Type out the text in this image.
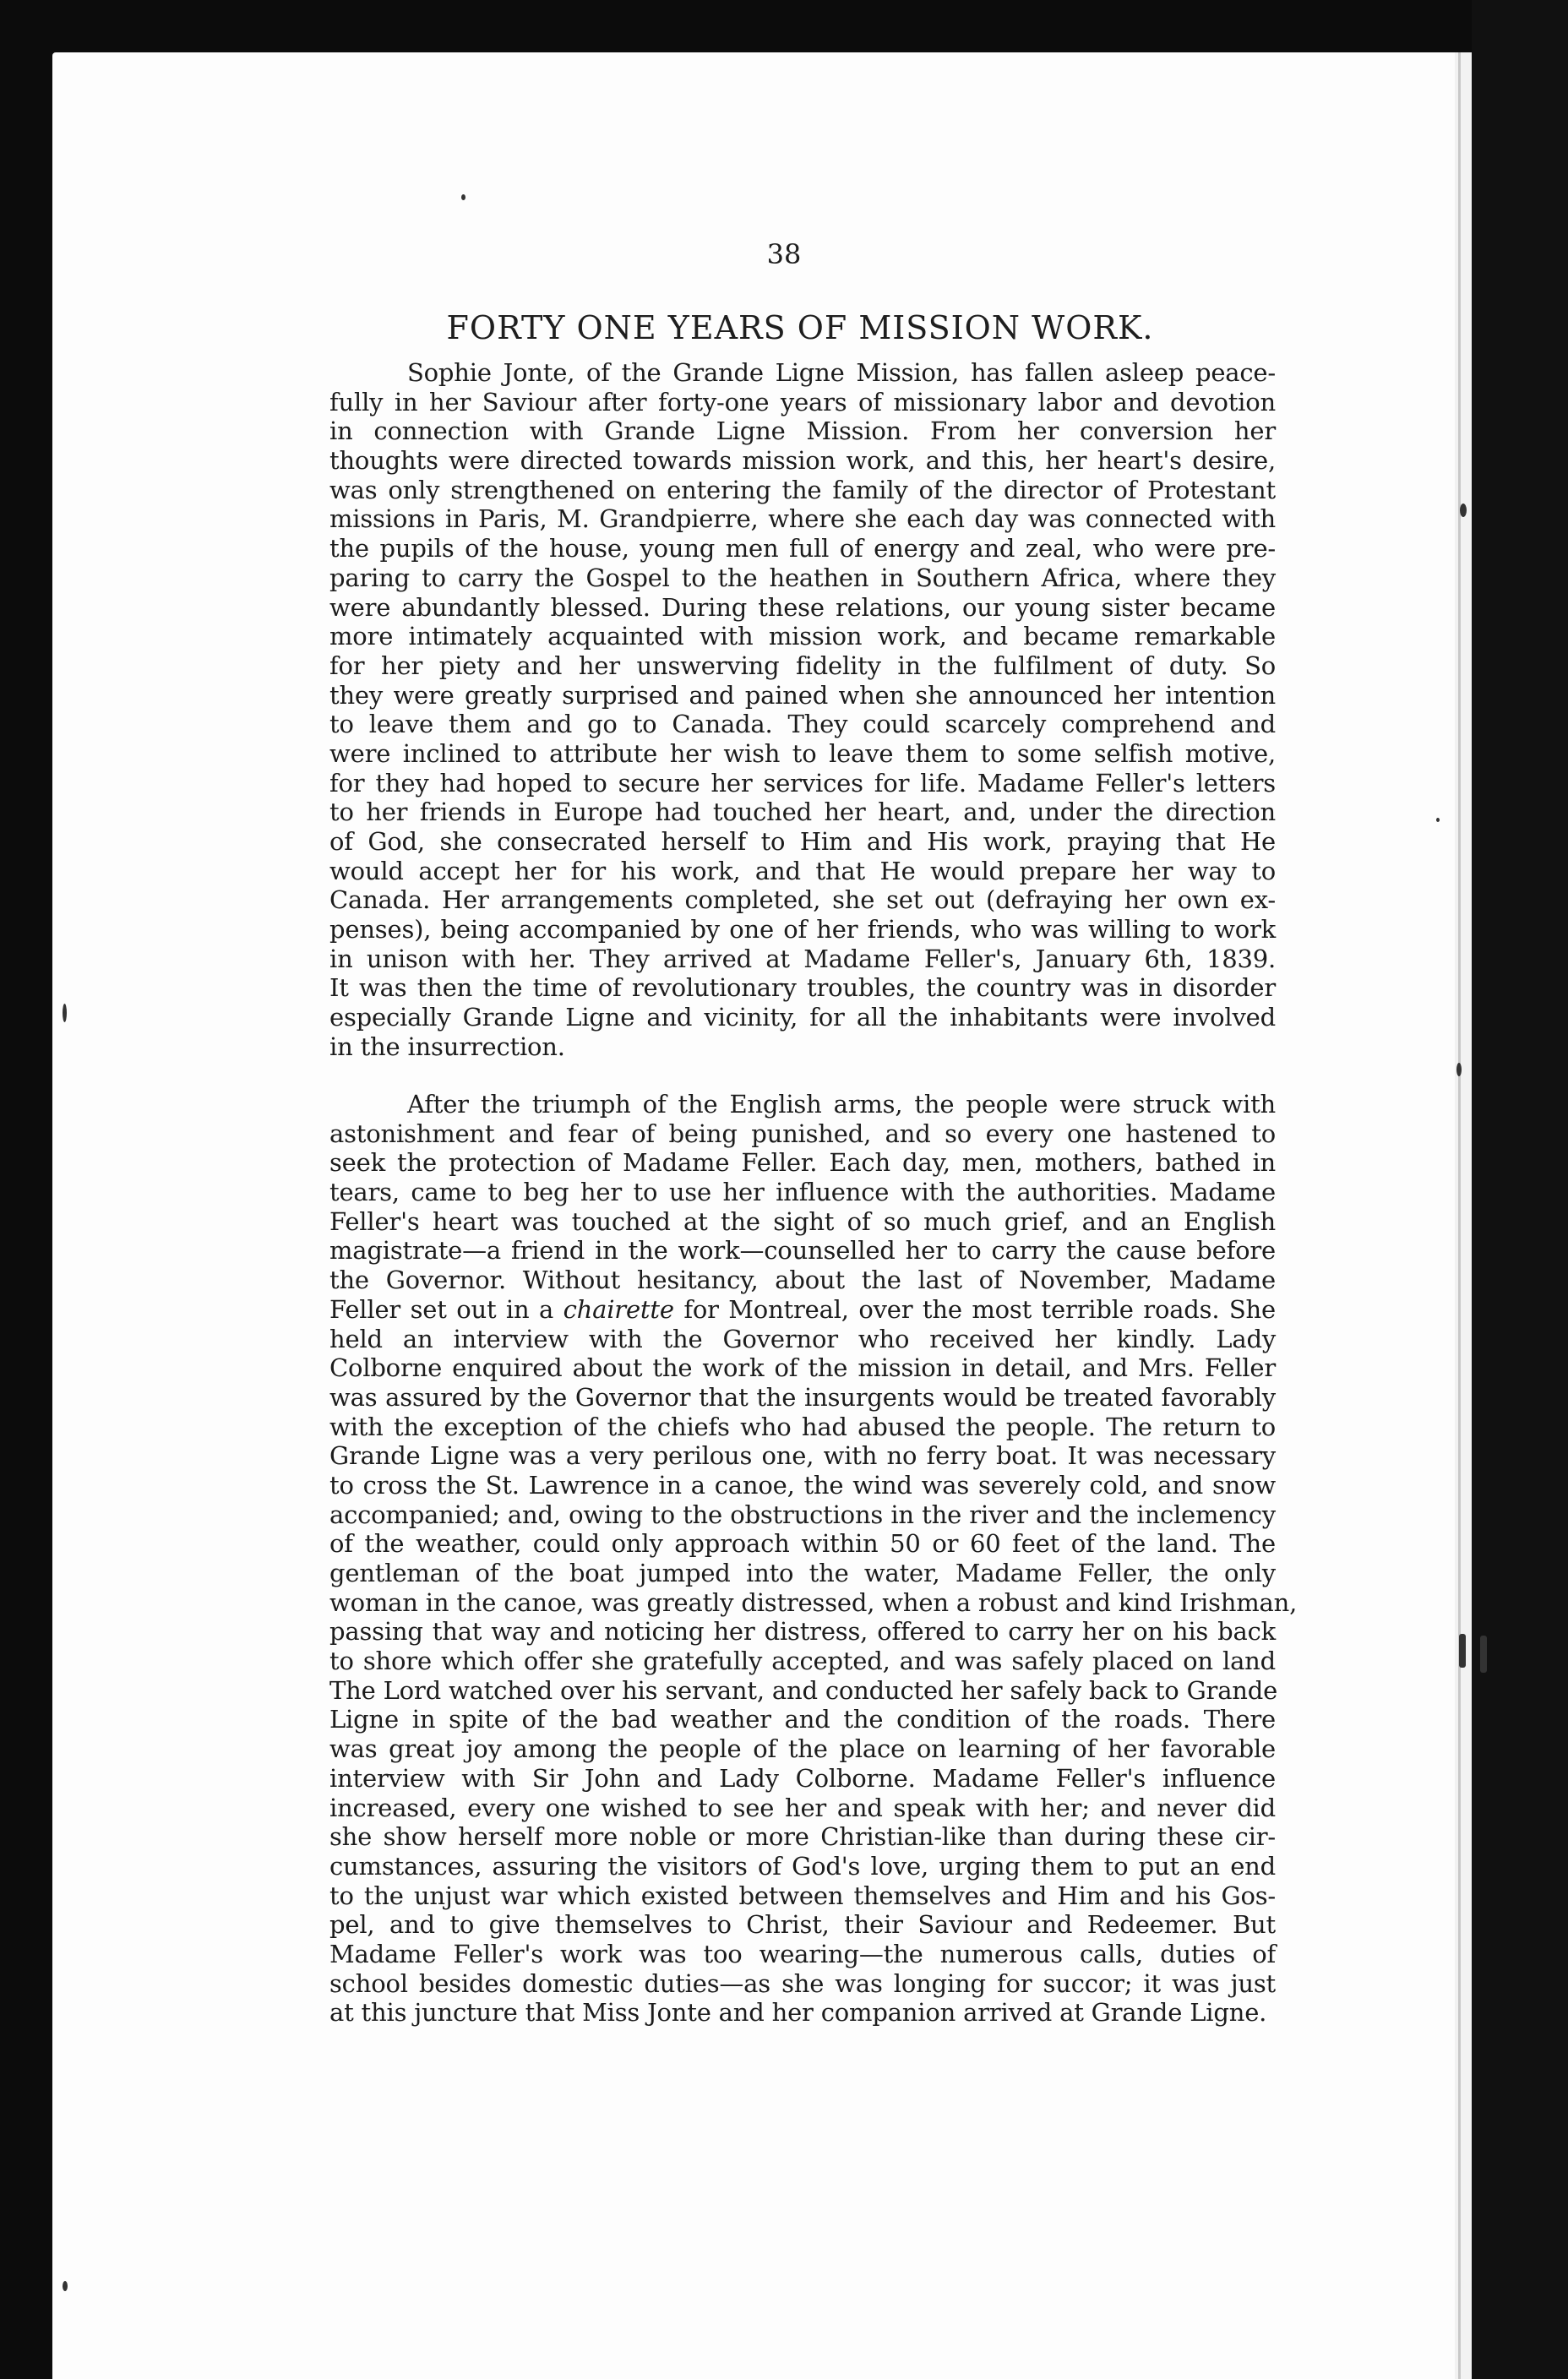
38
FORTY ONE YEARS OF MISSION WORK.
Sophie Jonte, of the Grande Ligne Mission, has fallen asleep peace-
fully in her Saviour after forty-one years of missionary labor and devotion
in connection with Grande Ligne Mission. From her conversion her
thoughts were directed towards mission work, and this, her heart's desire,
was only strengthened on entering the family of the director of Protestant
missions in Paris, M. Grandpierre, where she each day was connected with
the pupils of the house, young men full of energy and zeal, who were pre-
paring to carry the Gospel to the heathen in Southern Africa, where they
were abundantly blessed. During these relations, our young sister became
more intimately acquainted with mission work, and became remarkable
for her piety and her unswerving fidelity in the fulfilment of duty. So
they were greatly surprised and pained when she announced her intention
to leave them and go to Canada. They could scarcely comprehend and
were inclined to attribute her wish to leave them to some selfish motive,
for they had hoped to secure her services for life. Madame Feller's letters
to her friends in Europe had touched her heart, and, under the direction
of God, she consecrated herself to Him and His work, praying that He
would accept her for his work, and that He would prepare her way to
Canada. Her arrangements completed, she set out (defraying her own ex-
penses), being accompanied by one of her friends, who was willing to work
in unison with her. They arrived at Madame Feller's, January 6th, 1839.
It was then the time of revolutionary troubles, the country was in disorder
especially Grande Ligne and vicinity, for all the inhabitants were involved
in the insurrection.
After the triumph of the English arms, the people were struck with
astonishment and fear of being punished, and so every one hastened to
seek the protection of Madame Feller. Each day, men, mothers, bathed in
tears, came to beg her to use her influence with the authorities. Madame
Feller's heart was touched at the sight of so much grief, and an English
magistrate—a friend in the work—counselled her to carry the cause before
the Governor. Without hesitancy, about the last of November, Madame
Feller set out in a chairette for Montreal, over the most terrible roads. She
held an interview with the Governor who received her kindly. Lady
Colborne enquired about the work of the mission in detail, and Mrs. Feller
was assured by the Governor that the insurgents would be treated favorably
with the exception of the chiefs who had abused the people. The return to
Grande Ligne was a very perilous one, with no ferry boat. It was necessary
to cross the St. Lawrence in a canoe, the wind was severely cold, and snow
accompanied; and, owing to the obstructions in the river and the inclemency
of the weather, could only approach within 50 or 60 feet of the land. The
gentleman of the boat jumped into the water, Madame Feller, the only
woman in the canoe, was greatly distressed, when a robust and kind Irishman,
passing that way and noticing her distress, offered to carry her on his back
to shore which offer she gratefully accepted, and was safely placed on land
The Lord watched over his servant, and conducted her safely back to Grande
Ligne in spite of the bad weather and the condition of the roads. There
was great joy among the people of the place on learning of her favorable
interview with Sir John and Lady Colborne. Madame Feller's influence
increased, every one wished to see her and speak with her; and never did
she show herself more noble or more Christian-like than during these cir-
cumstances, assuring the visitors of God's love, urging them to put an end
to the unjust war which existed between themselves and Him and his Gos-
pel, and to give themselves to Christ, their Saviour and Redeemer. But
Madame Feller's work was too wearing—the numerous calls, duties of
school besides domestic duties—as she was longing for succor; it was just
at this juncture that Miss Jonte and her companion arrived at Grande Ligne.
